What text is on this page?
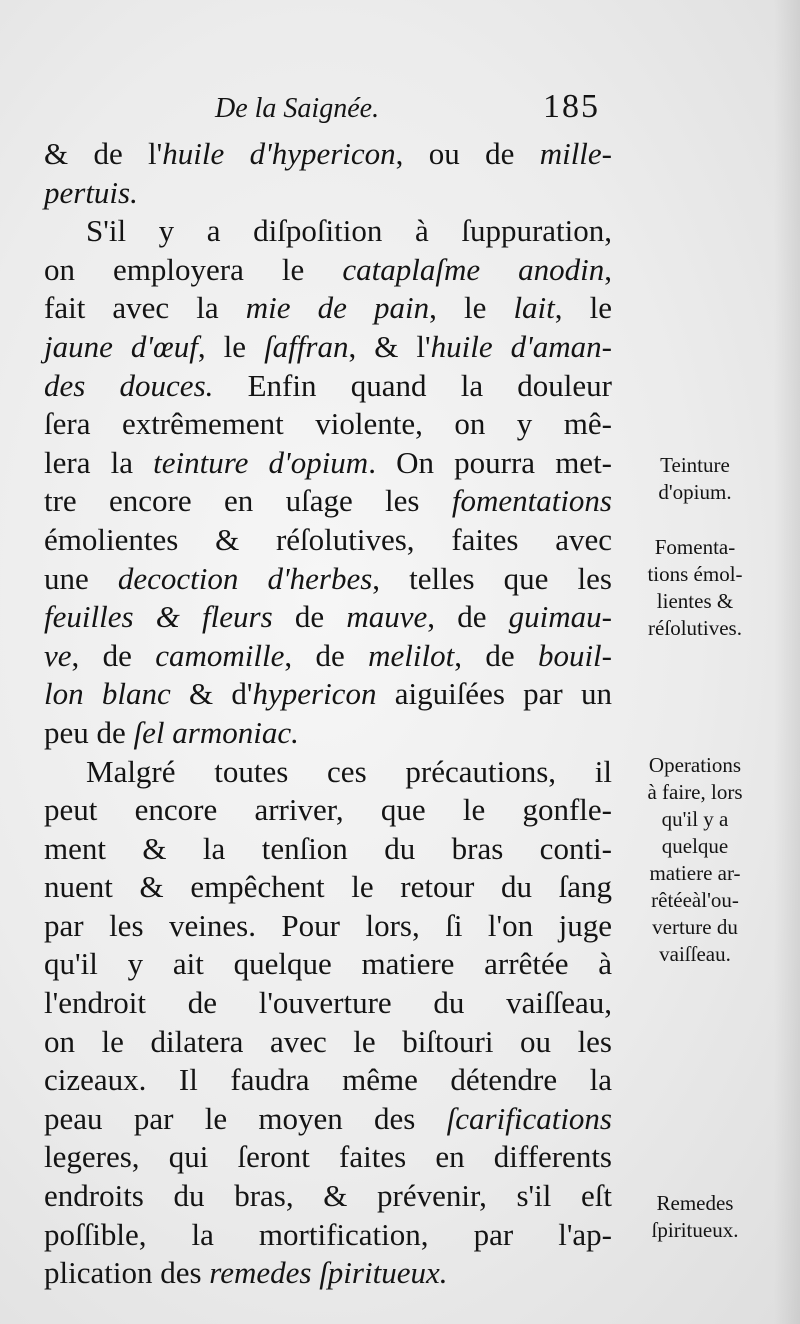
De la Saignée.	185
& de l'huile d'hypericon, ou de mille-
pertuis.
S'il y a diſpoſition à ſuppuration,
on employera le cataplaſme anodin,
fait avec la mie de pain, le lait, le
jaune d'œuf, le ſaffran, & l'huile d'aman-
des douces. Enfin quand la douleur
ſera extrêmement violente, on y mê-
lera la teinture d'opium. On pourra met-
tre encore en uſage les fomentations
émolientes & réſolutives, faites avec
une decoction d'herbes, telles que les
feuilles & fleurs de mauve, de guimau-
ve, de camomille, de melilot, de bouil-
lon blanc & d'hypericon aiguiſées par un
peu de ſel armoniac.
Malgré toutes ces précautions, il
peut encore arriver, que le gonfle-
ment & la tenſion du bras conti-
nuent & empêchent le retour du ſang
par les veines. Pour lors, ſi l'on juge
qu'il y ait quelque matiere arrêtée à
l'endroit de l'ouverture du vaiſſeau,
on le dilatera avec le biſtouri ou les
cizeaux. Il faudra même détendre la
peau par le moyen des ſcarifications
legeres, qui ſeront faites en differents
endroits du bras, & prévenir, s'il eſt
poſſible, la mortification, par l'ap-
plication des remedes ſpiritueux.
Teinture
d'opium.
Fomenta-
tions émol-
lientes &
réſolutives.
Operations
à faire, lors
qu'il y a
quelque
matiere ar-
rêtéeàl'ou-
verture du
vaiſſeau.
Remedes
ſpiritueux.
